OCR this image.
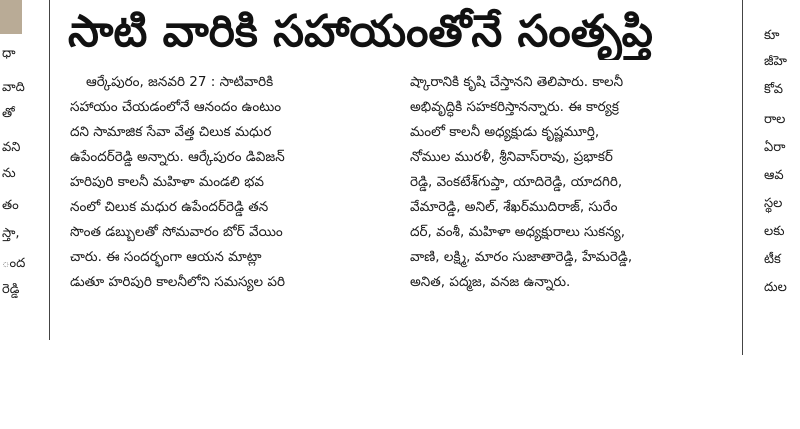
ధా
వాది
తో
వని
ను
తం
స్తా,
ంద
రెడ్డి
సాటి వారికి సహాయంతోనే సంతృప్తి
ఆర్కేపురం, జనవరి 27 : సాటివారికి
సహాయం చేయడంలోనే ఆనందం ఉంటుం
దని సామాజిక సేవా వేత్త చిలుక మధుర
ఉపేందర్‌రెడ్డి అన్నారు. ఆర్కేపురం డివిజన్
హరిపురి కాలనీ మహిళా మండలి భవ
నంలో చిలుక మధుర ఉపేందర్‌రెడ్డి తన
సొంత డబ్బులతో సోమవారం బోర్ వేయిం
చారు. ఈ సందర్భంగా ఆయన మాట్లా
డుతూ హరిపురి కాలనీలోని సమస్యల పరి
ష్కారానికి కృషి చేస్తానని తెలిపారు. కాలనీ
అభివృద్ధికి సహకరిస్తానన్నారు. ఈ కార్యక్ర
మంలో కాలనీ అధ్యక్షుడు కృష్ణమూర్తి,
నోముల మురళీ, శ్రీనివాస్‌రావు, ప్రభాకర్
రెడ్డి, వెంకటేశ్‌గుప్తా, యాదిరెడ్డి, యాదగిరి,
వేమారెడ్డి, అనిల్, శేఖర్‌ముదిరాజ్, సురేం
దర్, వంశీ, మహిళా అధ్యక్షురాలు సుకన్య,
వాణి, లక్ష్మి, మారం సుజాతారెడ్డి, హేమరెడ్డి,
అనిత, పద్మజ, వనజ ఉన్నారు.
కూ
జీహె
కోవ
రాల
ఏరా
ఆవ
స్థల
లకు
టీక
దుల
